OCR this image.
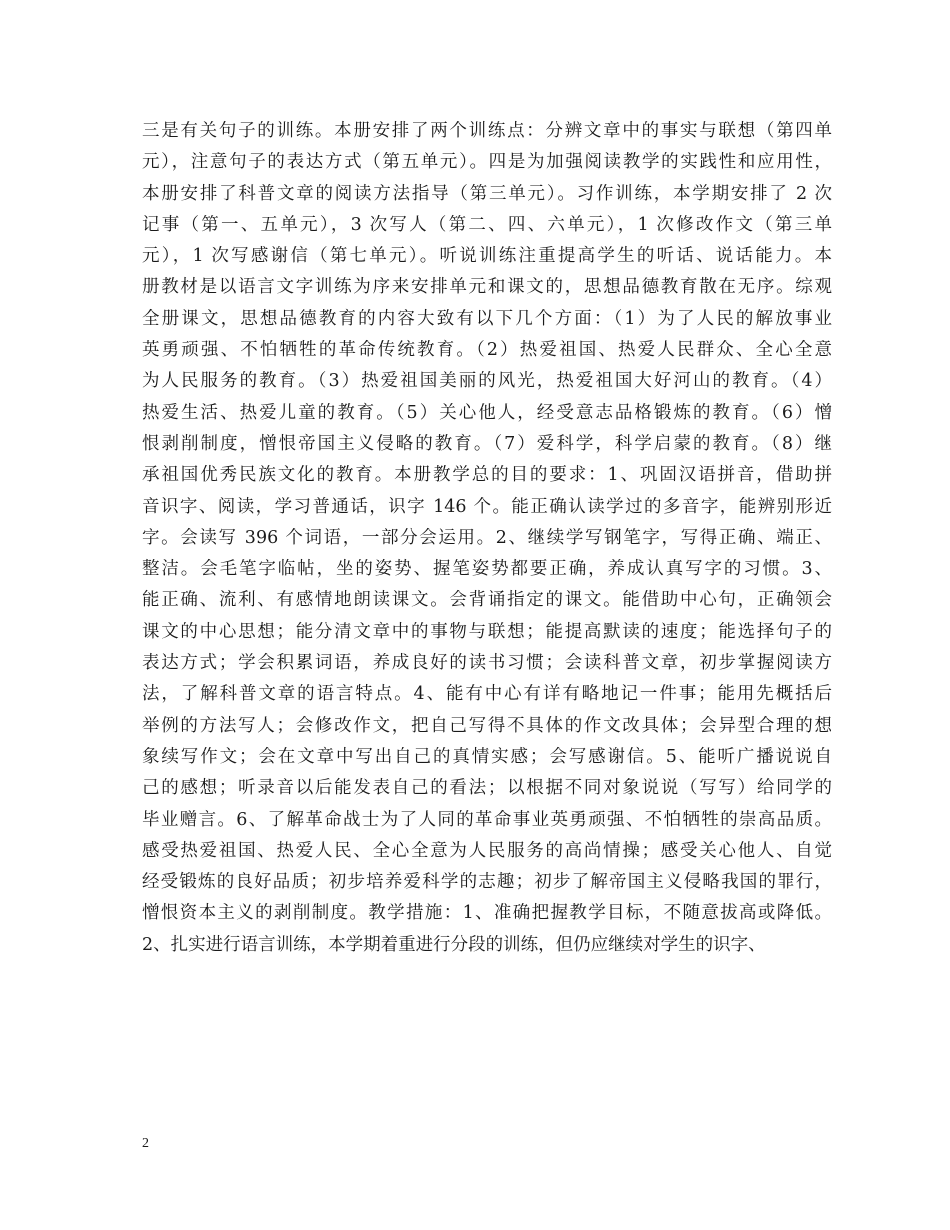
三是有关句子的训练。本册安排了两个训练点：分辨文章中的事实与联想（第四单
元），注意句子的表达方式（第五单元）。四是为加强阅读教学的实践性和应用性，
本册安排了科普文章的阅读方法指导（第三单元）。习作训练，本学期安排了 2 次
记事（第一、五单元），3 次写人（第二、四、六单元），1 次修改作文（第三单
元），1 次写感谢信（第七单元）。听说训练注重提高学生的听话、说话能力。本
册教材是以语言文字训练为序来安排单元和课文的，思想品德教育散在无序。综观
全册课文，思想品德教育的内容大致有以下几个方面：（1）为了人民的解放事业
英勇顽强、不怕牺牲的革命传统教育。（2）热爱祖国、热爱人民群众、全心全意
为人民服务的教育。（3）热爱祖国美丽的风光，热爱祖国大好河山的教育。（4）
热爱生活、热爱儿童的教育。（5）关心他人，经受意志品格锻炼的教育。（6）憎
恨剥削制度，憎恨帝国主义侵略的教育。（7）爱科学，科学启蒙的教育。（8）继
承祖国优秀民族文化的教育。本册教学总的目的要求：1、巩固汉语拼音，借助拼
音识字、阅读，学习普通话，识字 146 个。能正确认读学过的多音字，能辨别形近
字。会读写 396 个词语，一部分会运用。2、继续学写钢笔字，写得正确、端正、
整洁。会毛笔字临帖，坐的姿势、握笔姿势都要正确，养成认真写字的习惯。3、
能正确、流利、有感情地朗读课文。会背诵指定的课文。能借助中心句，正确领会
课文的中心思想；能分清文章中的事物与联想；能提高默读的速度；能选择句子的
表达方式；学会积累词语，养成良好的读书习惯；会读科普文章，初步掌握阅读方
法，了解科普文章的语言特点。4、能有中心有详有略地记一件事；能用先概括后
举例的方法写人；会修改作文，把自己写得不具体的作文改具体；会异型合理的想
象续写作文；会在文章中写出自己的真情实感；会写感谢信。5、能听广播说说自
己的感想；听录音以后能发表自己的看法；以根据不同对象说说（写写）给同学的
毕业赠言。6、了解革命战士为了人同的革命事业英勇顽强、不怕牺牲的崇高品质。
感受热爱祖国、热爱人民、全心全意为人民服务的高尚情操；感受关心他人、自觉
经受锻炼的良好品质；初步培养爱科学的志趣；初步了解帝国主义侵略我国的罪行，
憎恨资本主义的剥削制度。教学措施：1、准确把握教学目标，不随意拔高或降低。
2、扎实进行语言训练，本学期着重进行分段的训练，但仍应继续对学生的识字、
2
